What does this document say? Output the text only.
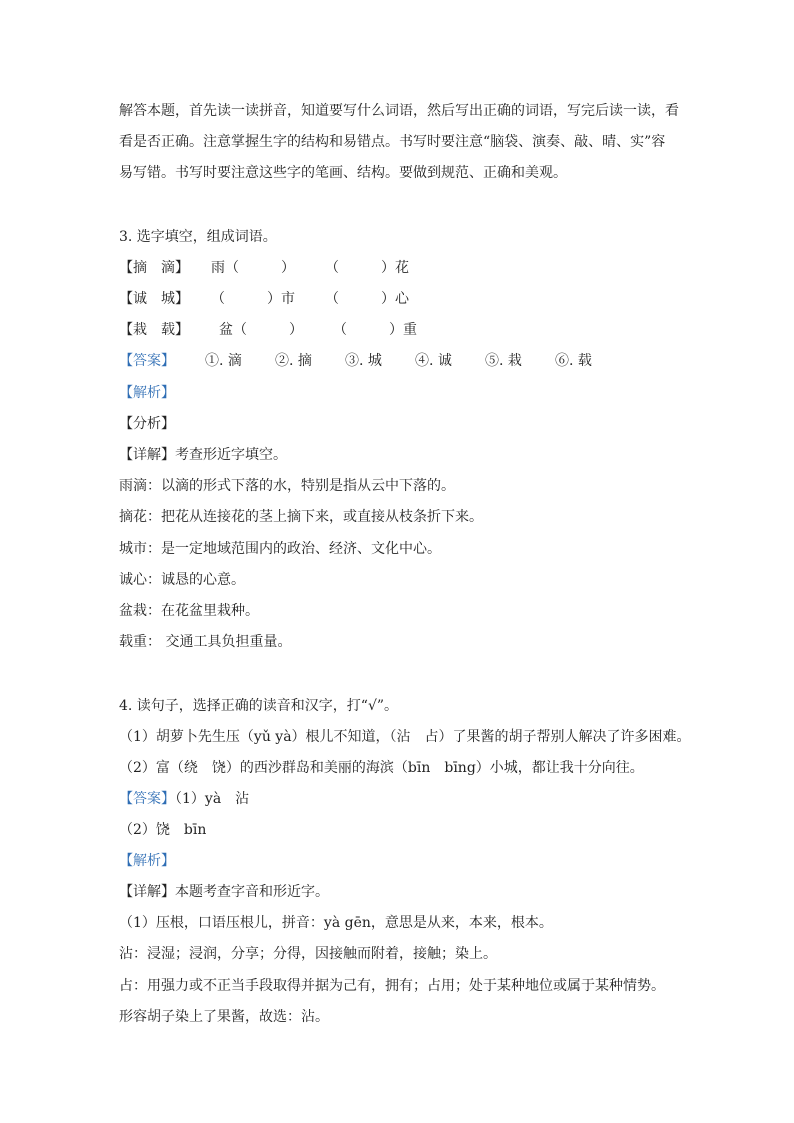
解答本题，首先读一读拼音，知道要写什么词语，然后写出正确的词语，写完后读一读，看
看是否正确。注意掌握生字的结构和易错点。书写时要注意“脑袋、演奏、敲、晴、实”容
易写错。书写时要注意这些字的笔画、结构。要做到规范、正确和美观。
3. 选字填空，组成词语。
【摘　滴】 雨（　　　） （　　　）花
【诚　城】 （　　　）市 （　　　）心
【栽　载】 盆（　　　） （　　　）重
【答案】 ①. 滴 ②. 摘 ③. 城 ④. 诚 ⑤. 栽 ⑥. 载
【解析】
【分析】
【详解】考查形近字填空。
雨滴：以滴的形式下落的水，特别是指从云中下落的。
摘花：把花从连接花的茎上摘下来，或直接从枝条折下来。
城市：是一定地域范围内的政治、经济、文化中心。
诚心：诚恳的心意。
盆栽：在花盆里栽种。
载重： 交通工具负担重量。
4. 读句子，选择正确的读音和汉字，打“√”。
（1）胡萝卜先生压（yǔ yà）根儿不知道，（沾　占）了果酱的胡子帮别人解决了许多困难。
（2）富（绕　饶）的西沙群岛和美丽的海滨（bīn　bīng）小城，都让我十分向往。
【答案】（1）yà　沾
（2）饶　bīn
【解析】
【详解】本题考查字音和形近字。
（1）压根，口语压根儿，拼音：yà gēn，意思是从来，本来，根本。
沾：浸湿；浸润，分享；分得，因接触而附着，接触；染上。
占：用强力或不正当手段取得并据为己有，拥有；占用；处于某种地位或属于某种情势。
形容胡子染上了果酱，故选：沾。
